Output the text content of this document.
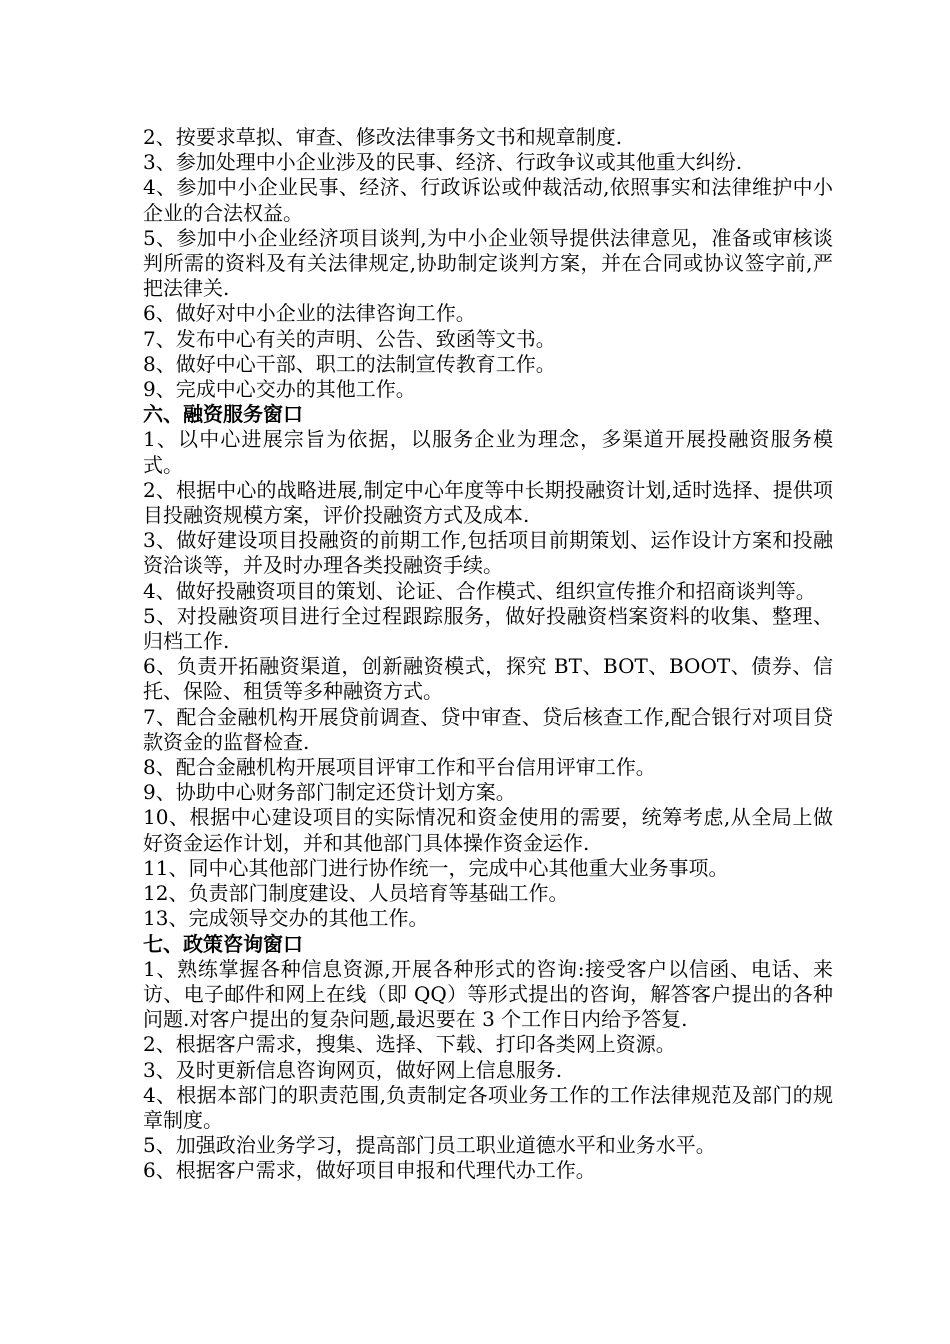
2、按要求草拟、审查、修改法律事务文书和规章制度.

3、参加处理中小企业涉及的民事、经济、行政争议或其他重大纠纷.

4、参加中小企业民事、经济、行政诉讼或仲裁活动,依照事实和法律维护中小企业的合法权益。

5、参加中小企业经济项目谈判,为中小企业领导提供法律意见，准备或审核谈判所需的资料及有关法律规定,协助制定谈判方案，并在合同或协议签字前,严把法律关.

6、做好对中小企业的法律咨询工作。

7、发布中心有关的声明、公告、致函等文书。

8、做好中心干部、职工的法制宣传教育工作。

9、完成中心交办的其他工作。

六、融资服务窗口

1、以中心进展宗旨为依据，以服务企业为理念，多渠道开展投融资服务模式。

2、根据中心的战略进展,制定中心年度等中长期投融资计划,适时选择、提供项目投融资规模方案，评价投融资方式及成本.

3、做好建设项目投融资的前期工作,包括项目前期策划、运作设计方案和投融资洽谈等，并及时办理各类投融资手续。

4、做好投融资项目的策划、论证、合作模式、组织宣传推介和招商谈判等。

5、对投融资项目进行全过程跟踪服务，做好投融资档案资料的收集、整理、归档工作.

6、负责开拓融资渠道，创新融资模式，探究 BT、BOT、BOOT、债券、信托、保险、租赁等多种融资方式。

7、配合金融机构开展贷前调查、贷中审查、贷后核查工作,配合银行对项目贷款资金的监督检查.

8、配合金融机构开展项目评审工作和平台信用评审工作。

9、协助中心财务部门制定还贷计划方案。

10、根据中心建设项目的实际情况和资金使用的需要，统筹考虑,从全局上做好资金运作计划，并和其他部门具体操作资金运作.

11、同中心其他部门进行协作统一，完成中心其他重大业务事项。

12、负责部门制度建设、人员培育等基础工作。

13、完成领导交办的其他工作。

七、政策咨询窗口

1、熟练掌握各种信息资源,开展各种形式的咨询:接受客户以信函、电话、来访、电子邮件和网上在线（即 QQ）等形式提出的咨询，解答客户提出的各种问题.对客户提出的复杂问题,最迟要在 3 个工作日内给予答复.

2、根据客户需求，搜集、选择、下载、打印各类网上资源。

3、及时更新信息咨询网页，做好网上信息服务.

4、根据本部门的职责范围,负责制定各项业务工作的工作法律规范及部门的规章制度。

5、加强政治业务学习，提高部门员工职业道德水平和业务水平。

6、根据客户需求，做好项目申报和代理代办工作。
